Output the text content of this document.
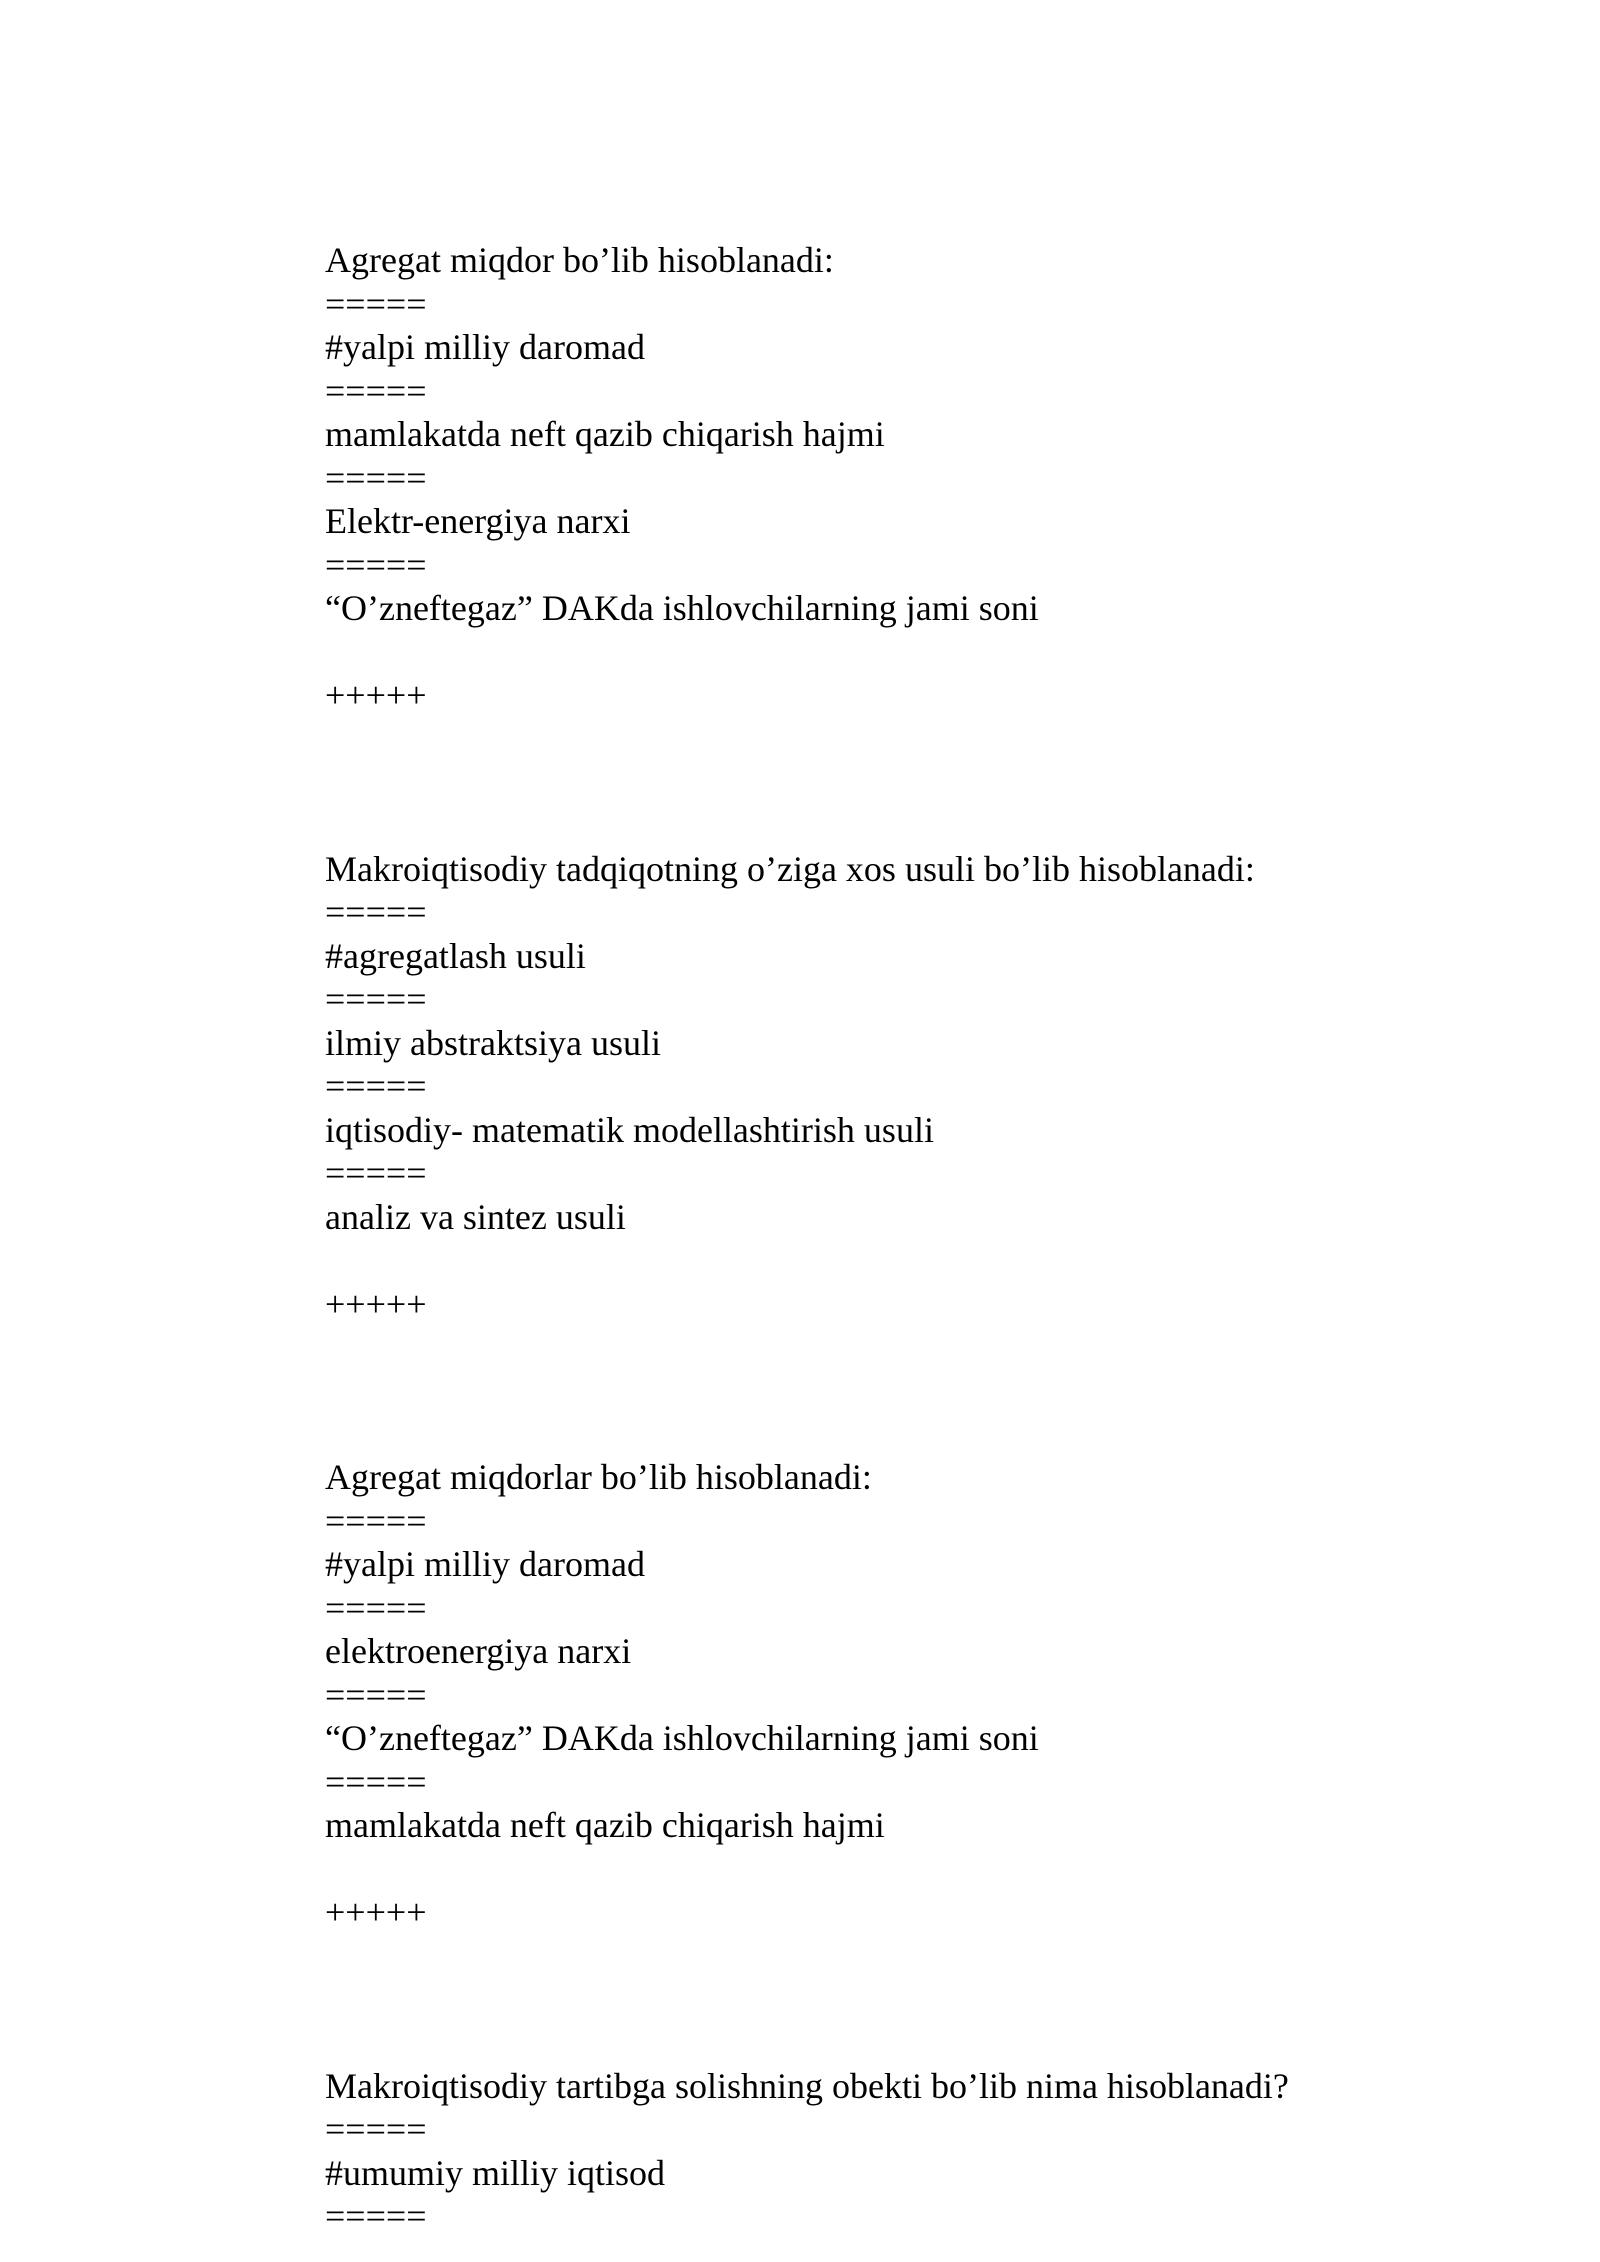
Agregat miqdor bo’lib hisoblanadi:
=====
#yalpi milliy daromad
=====
mamlakatda neft qazib chiqarish hajmi
=====
Elektr-energiya narxi
=====
“O’zneftegaz” DAKda ishlovchilarning jami soni
+++++
Makroiqtisodiy tadqiqotning o’ziga xos usuli bo’lib hisoblanadi:
=====
#agregatlash usuli
=====
ilmiy abstraktsiya usuli
=====
iqtisodiy- matematik modellashtirish usuli
=====
analiz va sintez usuli
+++++
Agregat miqdorlar bo’lib hisoblanadi:
=====
#yalpi milliy daromad
=====
elektroenergiya narxi
=====
“O’zneftegaz” DAKda ishlovchilarning jami soni
=====
mamlakatda neft qazib chiqarish hajmi
+++++
Makroiqtisodiy tartibga solishning obekti bo’lib nima hisoblanadi?
=====
#umumiy milliy iqtisod
=====
